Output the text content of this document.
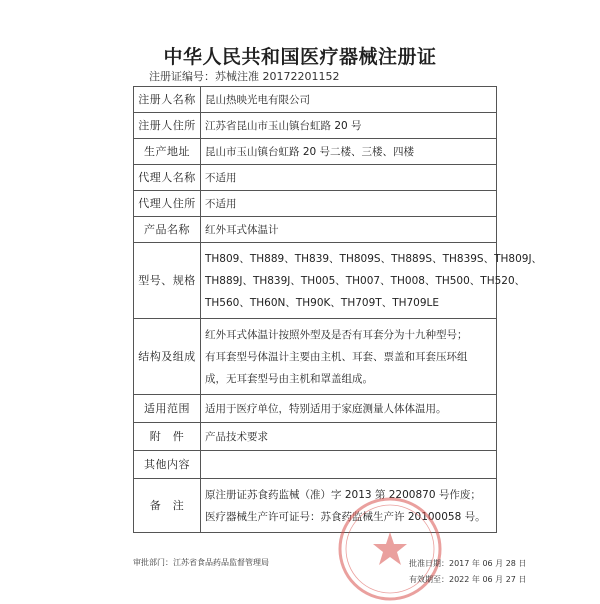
中华人民共和国医疗器械注册证
注册证编号：苏械注准 20172201152
注册人名称	昆山热映光电有限公司
注册人住所	江苏省昆山市玉山镇台虹路 20 号
生产地址	昆山市玉山镇台虹路 20 号二楼、三楼、四楼
代理人名称	不适用
代理人住所	不适用
产品名称	红外耳式体温计
型号、规格	TH809、TH889、TH839、TH809S、TH889S、TH839S、TH809J、
TH889J、TH839J、TH005、TH007、TH008、TH500、TH520、
TH560、TH60N、TH90K、TH709T、TH709LE

结构及组成	红外耳式体温计按照外型及是否有耳套分为十九种型号；
有耳套型号体温计主要由主机、耳套、票盖和耳套压环组
成，无耳套型号由主机和罩盖组成。

适用范围	适用于医疗单位，特别适用于家庭测量人体体温用。
附　件	产品技术要求
其他内容	
备　注	原注册证苏食药监械（准）字 2013 第 2200870 号作废；
医疗器械生产许可证号：苏食药监械生产许 20100058 号。
审批部门：江苏省食品药品监督管理局	批准日期：2017 年 06 月 28 日
有效期至：2022 年 06 月 27 日
